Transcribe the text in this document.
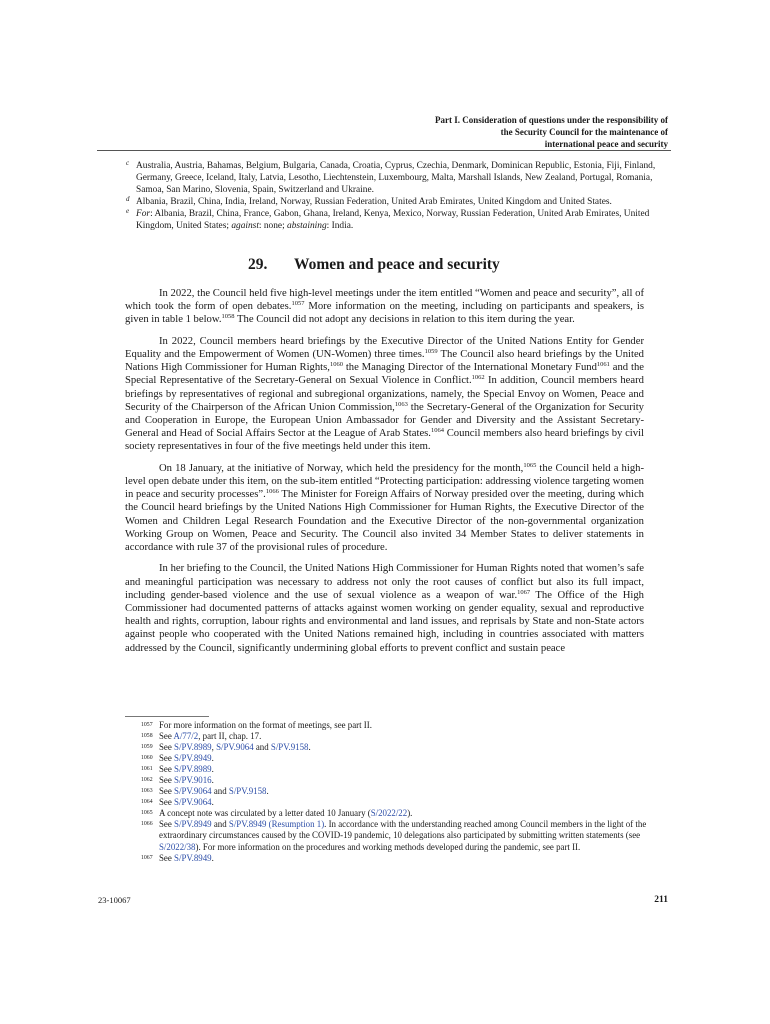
Part I. Consideration of questions under the responsibility of
the Security Council for the maintenance of
international peace and security
c Australia, Austria, Bahamas, Belgium, Bulgaria, Canada, Croatia, Cyprus, Czechia, Denmark, Dominican Republic, Estonia, Fiji, Finland, Germany, Greece, Iceland, Italy, Latvia, Lesotho, Liechtenstein, Luxembourg, Malta, Marshall Islands, New Zealand, Portugal, Romania, Samoa, San Marino, Slovenia, Spain, Switzerland and Ukraine.
d Albania, Brazil, China, India, Ireland, Norway, Russian Federation, United Arab Emirates, United Kingdom and United States.
e For: Albania, Brazil, China, France, Gabon, Ghana, Ireland, Kenya, Mexico, Norway, Russian Federation, United Arab Emirates, United Kingdom, United States; against: none; abstaining: India.
29. Women and peace and security

In 2022, the Council held five high-level meetings under the item entitled “Women and peace and security”, all of which took the form of open debates.$^{1057}$ More information on the meeting, including on participants and speakers, is given in table 1 below.$^{1058}$ The Council did not adopt any decisions in relation to this item during the year.

In 2022, Council members heard briefings by the Executive Director of the United Nations Entity for Gender Equality and the Empowerment of Women (UN-Women) three times.$^{1059}$ The Council also heard briefings by the United Nations High Commissioner for Human Rights,$^{1060}$ the Managing Director of the International Monetary Fund$^{1061}$ and the Special Representative of the Secretary-General on Sexual Violence in Conflict.$^{1062}$ In addition, Council members heard briefings by representatives of regional and subregional organizations, namely, the Special Envoy on Women, Peace and Security of the Chairperson of the African Union Commission,$^{1063}$ the Secretary-General of the Organization for Security and Cooperation in Europe, the European Union Ambassador for Gender and Diversity and the Assistant Secretary-General and Head of Social Affairs Sector at the League of Arab States.$^{1064}$ Council members also heard briefings by civil society representatives in four of the five meetings held under this item.

On 18 January, at the initiative of Norway, which held the presidency for the month,$^{1065}$ the Council held a high-level open debate under this item, on the sub-item entitled “Protecting participation: addressing violence targeting women in peace and security processes”.$^{1066}$ The Minister for Foreign Affairs of Norway presided over the meeting, during which the Council heard briefings by the United Nations High Commissioner for Human Rights, the Executive Director of the Women and Children Legal Research Foundation and the Executive Director of the non-governmental organization Working Group on Women, Peace and Security. The Council also invited 34 Member States to deliver statements in accordance with rule 37 of the provisional rules of procedure.

In her briefing to the Council, the United Nations High Commissioner for Human Rights noted that women’s safe and meaningful participation was necessary to address not only the root causes of conflict but also its full impact, including gender-based violence and the use of sexual violence as a weapon of war.$^{1067}$ The Office of the High Commissioner had documented patterns of attacks against women working on gender equality, sexual and reproductive health and rights, corruption, labour rights and environmental and land issues, and reprisals by State and non-State actors against people who cooperated with the United Nations remained high, including in countries associated with matters addressed by the Council, significantly undermining global efforts to prevent conflict and sustain peace

1057 For more information on the format of meetings, see part II.
1058 See A/77/2, part II, chap. 17.
1059 See S/PV.8989, S/PV.9064 and S/PV.9158.
1060 See S/PV.8949.
1061 See S/PV.8989.
1062 See S/PV.9016.
1063 See S/PV.9064 and S/PV.9158.
1064 See S/PV.9064.
1065 A concept note was circulated by a letter dated 10 January (S/2022/22).
1066 See S/PV.8949 and S/PV.8949 (Resumption 1). In accordance with the understanding reached among Council members in the light of the extraordinary circumstances caused by the COVID-19 pandemic, 10 delegations also participated by submitting written statements (see S/2022/38). For more information on the procedures and working methods developed during the pandemic, see part II.
1067 See S/PV.8949.
23-10067	211
